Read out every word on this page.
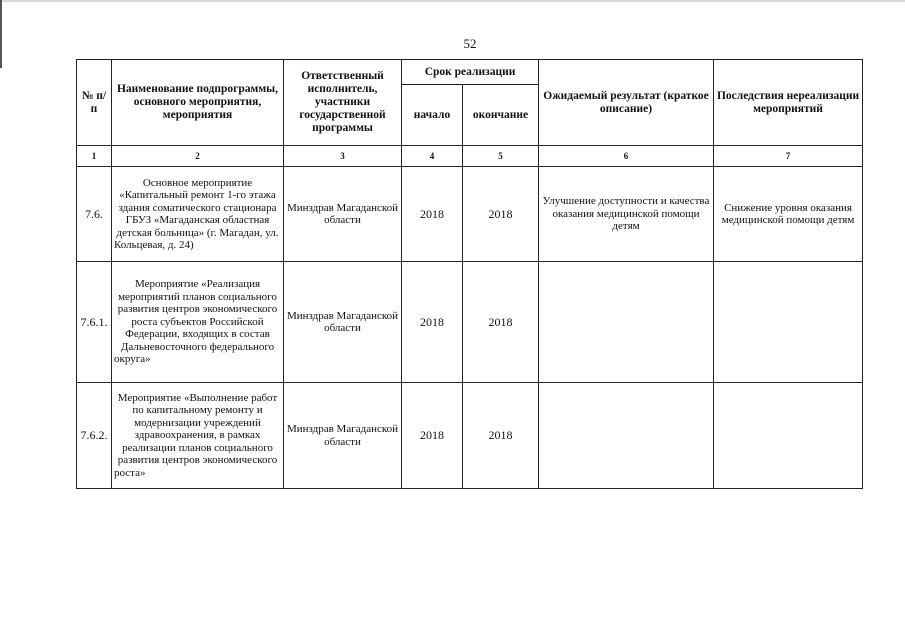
52
№ п/п	Наименование подпрограммы, основного мероприятия, мероприятия	Ответственный исполнитель, участники государственной программы	Срок реализации		Ожидаемый результат (краткое описание)	Последствия нереализации мероприятий
			начало	окончание		
1	2	3	4	5	6	7
7.6.	Основное мероприятие «Капитальный ремонт 1-го этажа здания соматического стационара ГБУЗ «Магаданская областная детская больница» (г. Магадан, ул. Кольцевая, д. 24)	Минздрав Магаданской области	2018	2018	Улучшение доступности и качества оказания медицинской помощи детям	Снижение уровня оказания медицинской помощи детям
7.6.1.	Мероприятие «Реализация мероприятий планов социального развития центров экономического роста субъектов Российской Федерации, входящих в состав Дальневосточного федерального округа»	Минздрав Магаданской области	2018	2018		
7.6.2.	Мероприятие «Выполнение работ по капитальному ремонту и модернизации учреждений здравоохранения, в рамках реализации планов социального развития центров экономического роста»	Минздрав Магаданской области	2018	2018		
